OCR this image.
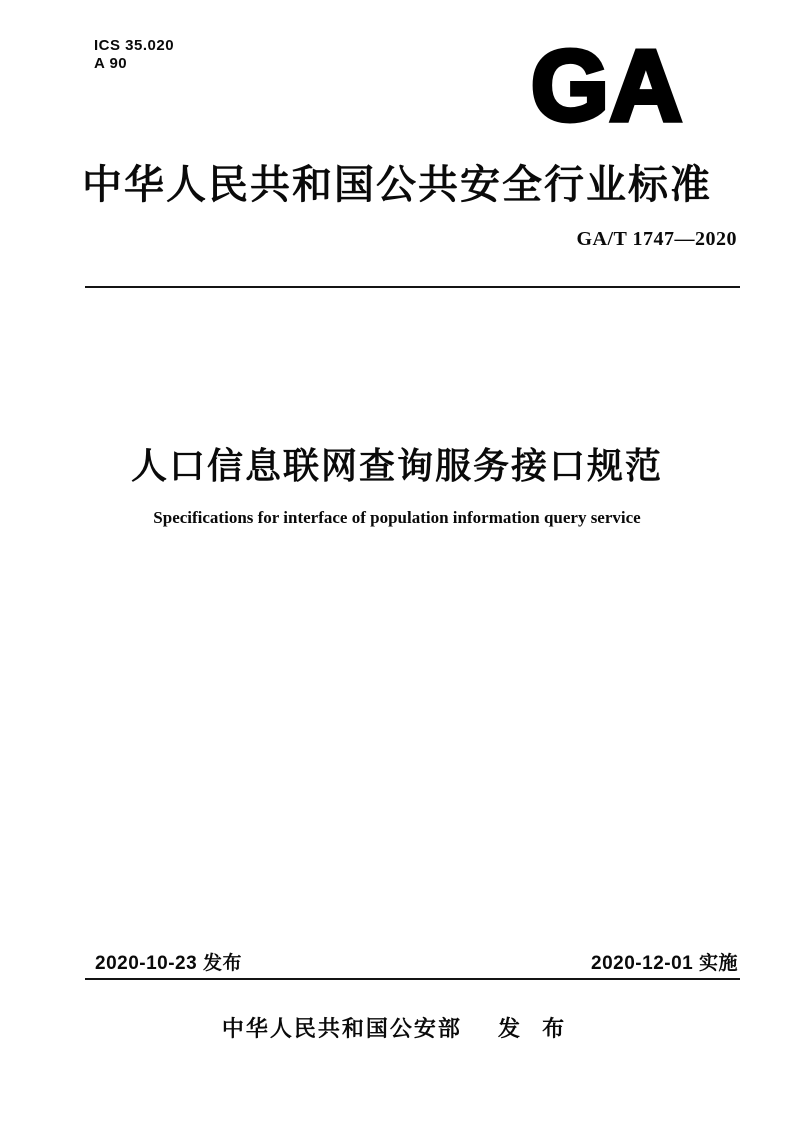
ICS 35.020
A 90	GA
中华人民共和国公共安全行业标准
GA/T 1747—2020
人口信息联网查询服务接口规范
Specifications for interface of population information query service
2020-10-23 发布	2020-12-01 实施
中华人民共和国公安部 发 布
